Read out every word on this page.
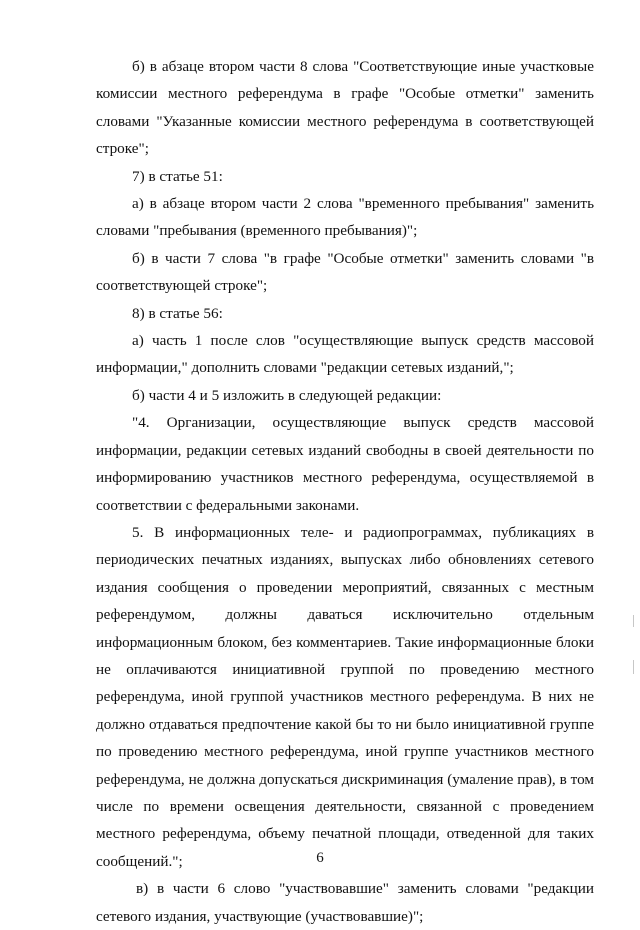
б) в абзаце втором части 8 слова "Соответствующие иные участковые комиссии местного референдума в графе "Особые отметки" заменить словами "Указанные комиссии местного референдума в соответствующей строке";

7) в статье 51:

а) в абзаце втором части 2 слова "временного пребывания" заменить словами "пребывания (временного пребывания)";

б) в части 7 слова "в графе "Особые отметки" заменить словами "в соответствующей строке";

8) в статье 56:

а) часть 1 после слов "осуществляющие выпуск средств массовой информации," дополнить словами "редакции сетевых изданий,";

б) части 4 и 5 изложить в следующей редакции:

"4. Организации, осуществляющие выпуск средств массовой информации, редакции сетевых изданий свободны в своей деятельности по информированию участников местного референдума, осуществляемой в соответствии с федеральными законами.

5. В информационных теле- и радиопрограммах, публикациях в периодических печатных изданиях, выпусках либо обновлениях сетевого издания сообщения о проведении мероприятий, связанных с местным референдумом, должны даваться исключительно отдельным информационным блоком, без комментариев. Такие информационные блоки не оплачиваются инициативной группой по проведению местного референдума, иной группой участников местного референдума. В них не должно отдаваться предпочтение какой бы то ни было инициативной группе по проведению местного референдума, иной группе участников местного референдума, не должна допускаться дискриминация (умаление прав), в том числе по времени освещения деятельности, связанной с проведением местного референдума, объему печатной площади, отведенной для таких сообщений.";

в) в части 6 слово "участвовавшие" заменить словами "редакции сетевого издания, участвующие (участвовавшие)";

6
